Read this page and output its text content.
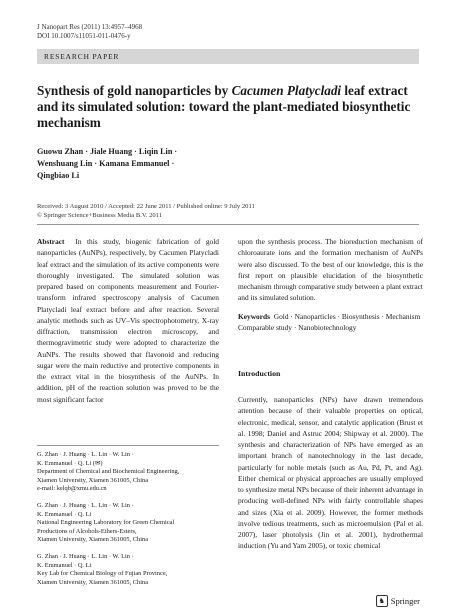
J Nanopart Res (2011) 13:4957–4968
DOI 10.1007/s11051-011-0476-y
RESEARCH PAPER
Synthesis of gold nanoparticles by Cacumen Platycladi leaf extract and its simulated solution: toward the plant-mediated biosynthetic mechanism
Guowu Zhan · Jiale Huang · Liqin Lin ·
Wenshuang Lin · Kamana Emmanuel ·
Qingbiao Li
Received: 3 August 2010 / Accepted: 22 June 2011 / Published online: 9 July 2011
© Springer Science+Business Media B.V. 2011

Abstract In this study, biogenic fabrication of gold nanoparticles (AuNPs), respectively, by Cacumen Platycladi leaf extract and the simulation of its active components were thoroughly investigated. The simulated solution was prepared based on components measurement and Fourier-transform infrared spectroscopy analysis of Cacumen Platycladi leaf extract before and after reaction. Several analytic methods such as UV–Vis spectrophotometry, X-ray diffraction, transmission electron microscopy, and thermogravimetric study were adopted to characterize the AuNPs. The results showed that flavonoid and reducing sugar were the main reductive and protective components in the extract vital in the biosynthesis of the AuNPs. In addition, pH of the reaction solution was proved to be the most significant factor

G. Zhan · J. Huang · L. Lin · W. Lin ·
K. Emmanuel · Q. Li (✉)
Department of Chemical and Biochemical Engineering,
Xiamen University, Xiamen 361005, China
e-mail: kelqb@xmu.edu.cn

G. Zhan · J. Huang · L. Lin · W. Lin ·
K. Emmanuel · Q. Li
National Engineering Laboratory for Green Chemical
Productions of Alcohols-Ethers-Esters,
Xiamen University, Xiamen 361005, China

G. Zhan · J. Huang · L. Lin · W. Lin ·
K. Emmanuel · Q. Li
Key Lab for Chemical Biology of Fujian Province,
Xiamen University, Xiamen 361005, China

upon the synthesis process. The bioreduction mechanism of chloroaurate ions and the formation mechanism of AuNPs were also discussed. To the best of our knowledge, this is the first report on plausible elucidation of the biosynthetic mechanism through comparative study between a plant extract and its simulated solution.

Keywords Gold · Nanoparticles · Biosynthesis · Mechanism Comparable study · Nanobiotechnology
Introduction

Currently, nanoparticles (NPs) have drawn tremendous attention because of their valuable properties on optical, electronic, medical, sensor, and catalytic application (Brust et al. 1998; Daniel and Astruc 2004; Shipway et al. 2000). The synthesis and characterization of NPs have emerged as an important branch of nanotechnology in the last decade, particularly for noble metals (such as Au, Pd, Pt, and Ag). Either chemical or physical approaches are usually employed to synthesize metal NPs because of their inherent advantage in producing well-defined NPs with fairly controllable shapes and sizes (Xia et al. 2009). However, the former methods involve tedious treatments, such as microemulsion (Pal et al. 2007), laser photolysis (Jin et al. 2001), hydrothermal induction (Yu and Yam 2005), or toxic chemical

♞ Springer
